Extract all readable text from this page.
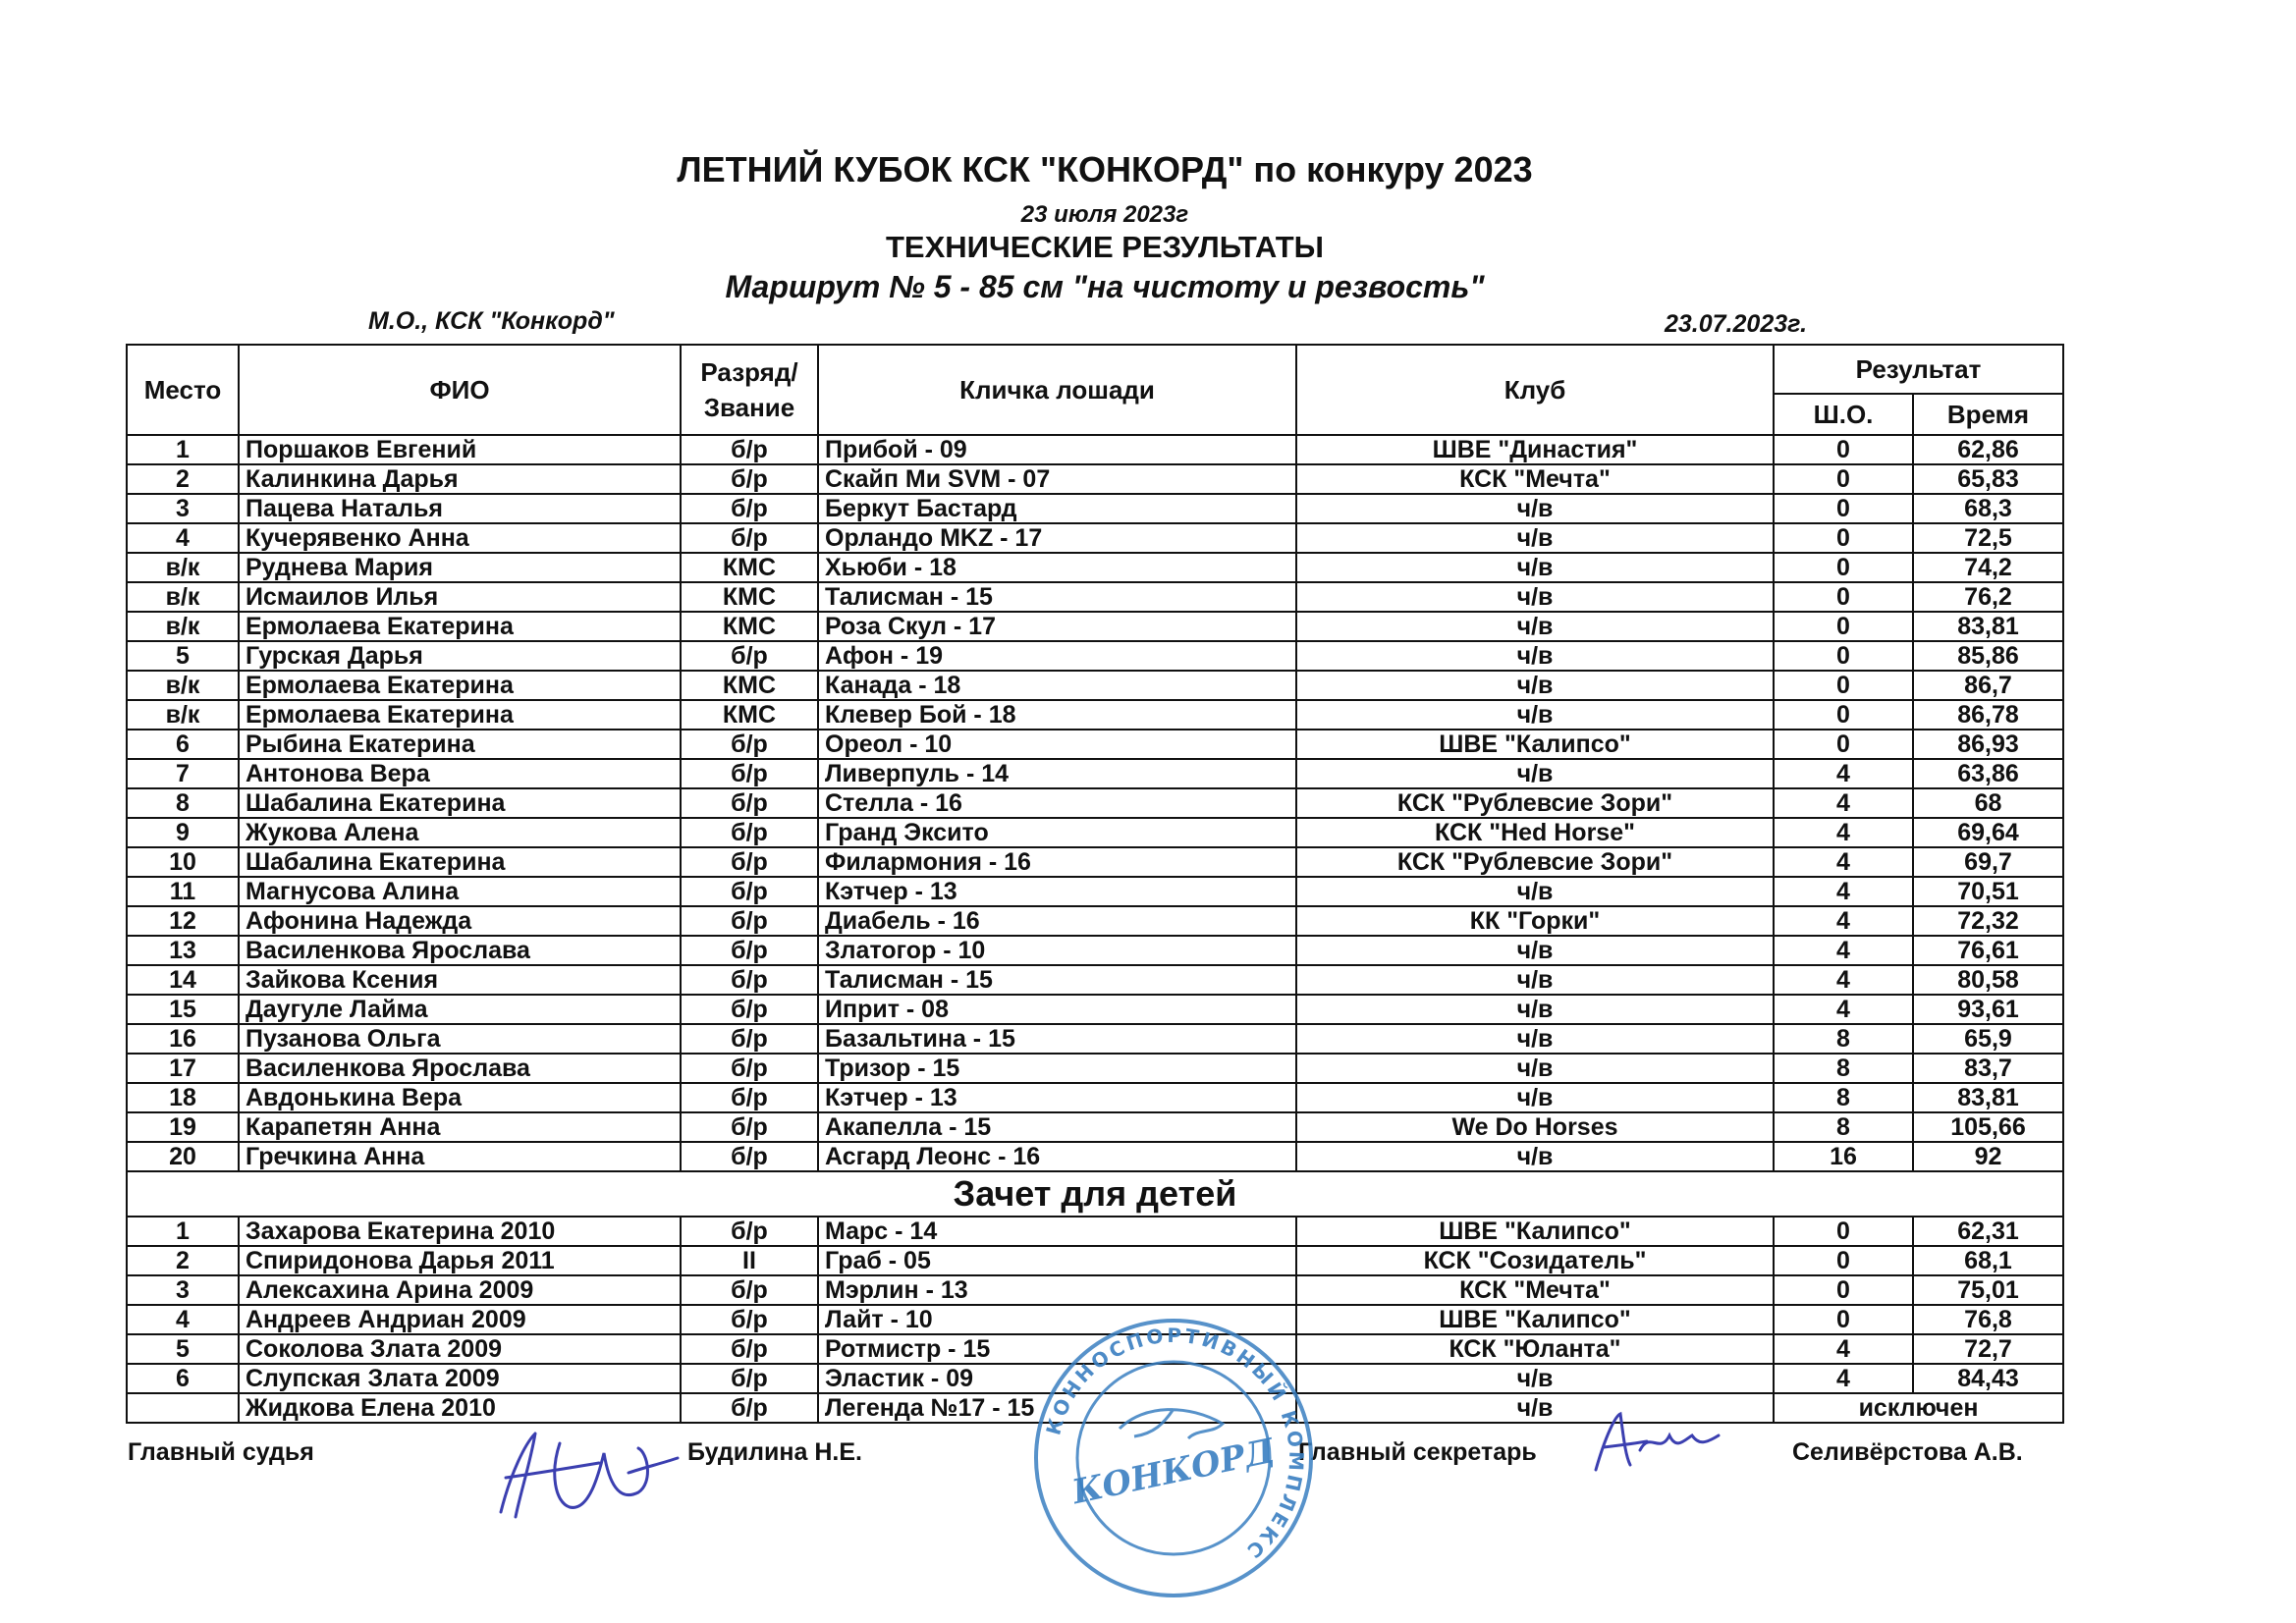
ЛЕТНИЙ КУБОК КСК "КОНКОРД" по конкуру 2023
23 июля 2023г
ТЕХНИЧЕСКИЕ РЕЗУЛЬТАТЫ
Маршрут № 5 - 85 см "на чистоту и резвость"
М.О., КСК "Конкорд"	23.07.2023г.
Место	ФИО	Разряд/ Звание	Кличка лошади	Клуб	Результат	
					Ш.О.	Время
1	Поршаков Евгений	б/р	Прибой - 09	ШВЕ "Династия"	0	62,86
2	Калинкина Дарья	б/р	Скайп Ми SVM - 07	КСК "Мечта"	0	65,83
3	Пацева Наталья	б/р	Беркут Бастард	ч/в	0	68,3
4	Кучерявенко Анна	б/р	Орландо MKZ - 17	ч/в	0	72,5
в/к	Руднева Мария	КМС	Хьюби - 18	ч/в	0	74,2
в/к	Исмаилов Илья	КМС	Талисман - 15	ч/в	0	76,2
в/к	Ермолаева Екатерина	КМС	Роза Скул - 17	ч/в	0	83,81
5	Гурская Дарья	б/р	Афон - 19	ч/в	0	85,86
в/к	Ермолаева Екатерина	КМС	Канада - 18	ч/в	0	86,7
в/к	Ермолаева Екатерина	КМС	Клевер Бой - 18	ч/в	0	86,78
6	Рыбина Екатерина	б/р	Ореол - 10	ШВЕ "Калипсо"	0	86,93
7	Антонова Вера	б/р	Ливерпуль - 14	ч/в	4	63,86
8	Шабалина Екатерина	б/р	Стелла - 16	КСК "Рублевсие Зори"	4	68
9	Жукова Алена	б/р	Гранд Эксито	КСК "Hed Horse"	4	69,64
10	Шабалина Екатерина	б/р	Филармония - 16	КСК "Рублевсие Зори"	4	69,7
11	Магнусова Алина	б/р	Кэтчер - 13	ч/в	4	70,51
12	Афонина Надежда	б/р	Диабель - 16	КК "Горки"	4	72,32
13	Василенкова Ярослава	б/р	Златогор - 10	ч/в	4	76,61
14	Зайкова Ксения	б/р	Талисман - 15	ч/в	4	80,58
15	Даугуле Лайма	б/р	Иприт - 08	ч/в	4	93,61
16	Пузанова Ольга	б/р	Базальтина - 15	ч/в	8	65,9
17	Василенкова Ярослава	б/р	Тризор - 15	ч/в	8	83,7
18	Авдонькина Вера	б/р	Кэтчер - 13	ч/в	8	83,81
19	Карапетян Анна	б/р	Акапелла - 15	We Do Horses	8	105,66
20	Гречкина Анна	б/р	Асгард Леонс - 16	ч/в	16	92
Зачет для детей						
1	Захарова Екатерина 2010	б/р	Марс - 14	ШВЕ "Калипсо"	0	62,31
2	Спиридонова Дарья 2011	II	Граб - 05	КСК "Созидатель"	0	68,1
3	Алексахина Арина 2009	б/р	Мэрлин - 13	КСК "Мечта"	0	75,01
4	Андреев Андриан 2009	б/р	Лайт - 10	ШВЕ "Калипсо"	0	76,8
5	Соколова Злата 2009	б/р	Ротмистр - 15	КСК "Юланта"	4	72,7
6	Слупская Злата 2009	б/р	Эластик - 09	ч/в	4	84,43
	Жидкова Елена 2010	б/р	Легенда №17 - 15	ч/в	исключен	
Главный судья	Будилина Н.Е.	Главный секретарь	Селивёрстова А.В.
КОННОСПОРТИВНЫЙ КОМПЛЕКС
КОНКОРД
